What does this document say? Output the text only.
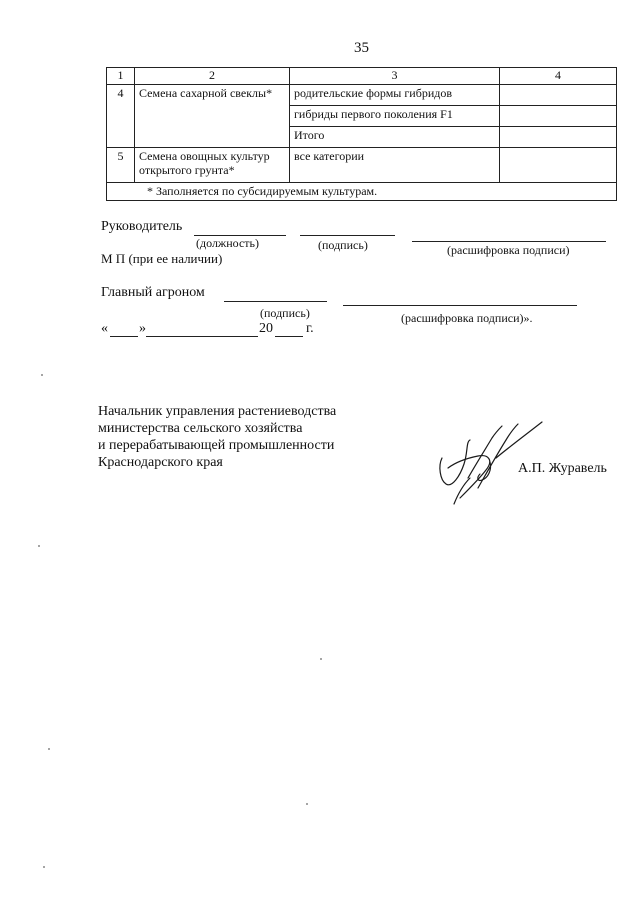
35
1	2	3	4
4	Семена сахарной свеклы*	родительские формы гибридов	
		гибриды первого поколения F1	
		Итого	
5	Семена овощных культур открытого грунта*	все категории	
* Заполняется по субсидируемым культурам.			
Руководитель
(должность)	(подпись)	(расшифровка подписи)
М П (при ее наличии)
Главный агроном
(подпись)	(расшифровка подписи)».
« »	20 г.
Начальник управления растениеводства
министерства сельского хозяйства
и перерабатывающей промышленности
Краснодарского края	А.П. Журавель
